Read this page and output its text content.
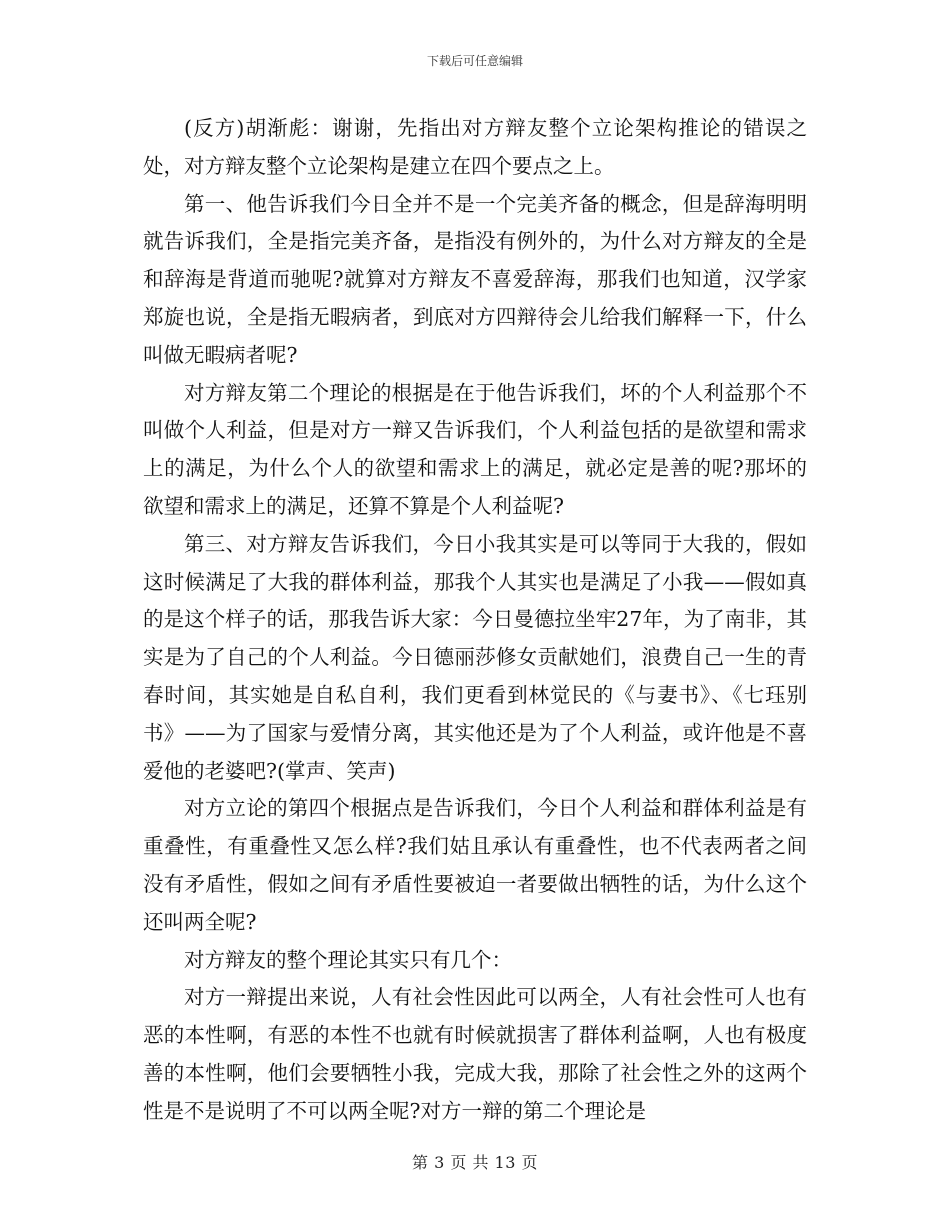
下载后可任意编辑

(反方)胡渐彪：谢谢，先指出对方辩友整个立论架构推论的错误之处，对方辩友整个立论架构是建立在四个要点之上。

第一、他告诉我们今日全并不是一个完美齐备的概念，但是辞海明明就告诉我们，全是指完美齐备，是指没有例外的，为什么对方辩友的全是和辞海是背道而驰呢?就算对方辩友不喜爱辞海，那我们也知道，汉学家郑旋也说，全是指无暇病者，到底对方四辩待会儿给我们解释一下，什么叫做无暇病者呢?

对方辩友第二个理论的根据是在于他告诉我们，坏的个人利益那个不叫做个人利益，但是对方一辩又告诉我们，个人利益包括的是欲望和需求上的满足，为什么个人的欲望和需求上的满足，就必定是善的呢?那坏的欲望和需求上的满足，还算不算是个人利益呢?

第三、对方辩友告诉我们，今日小我其实是可以等同于大我的，假如这时候满足了大我的群体利益，那我个人其实也是满足了小我——假如真的是这个样子的话，那我告诉大家：今日曼德拉坐牢27年，为了南非，其实是为了自己的个人利益。今日德丽莎修女贡献她们，浪费自己一生的青春时间，其实她是自私自利，我们更看到林觉民的《与妻书》、《七珏别书》——为了国家与爱情分离，其实他还是为了个人利益，或许他是不喜爱他的老婆吧?(掌声、笑声)

对方立论的第四个根据点是告诉我们，今日个人利益和群体利益是有重叠性，有重叠性又怎么样?我们姑且承认有重叠性，也不代表两者之间没有矛盾性，假如之间有矛盾性要被迫一者要做出牺牲的话，为什么这个还叫两全呢?

对方辩友的整个理论其实只有几个：

对方一辩提出来说，人有社会性因此可以两全，人有社会性可人也有恶的本性啊，有恶的本性不也就有时候就损害了群体利益啊，人也有极度善的本性啊，他们会要牺牲小我，完成大我，那除了社会性之外的这两个性是不是说明了不可以两全呢?对方一辩的第二个理论是

第 3 页 共 13 页
